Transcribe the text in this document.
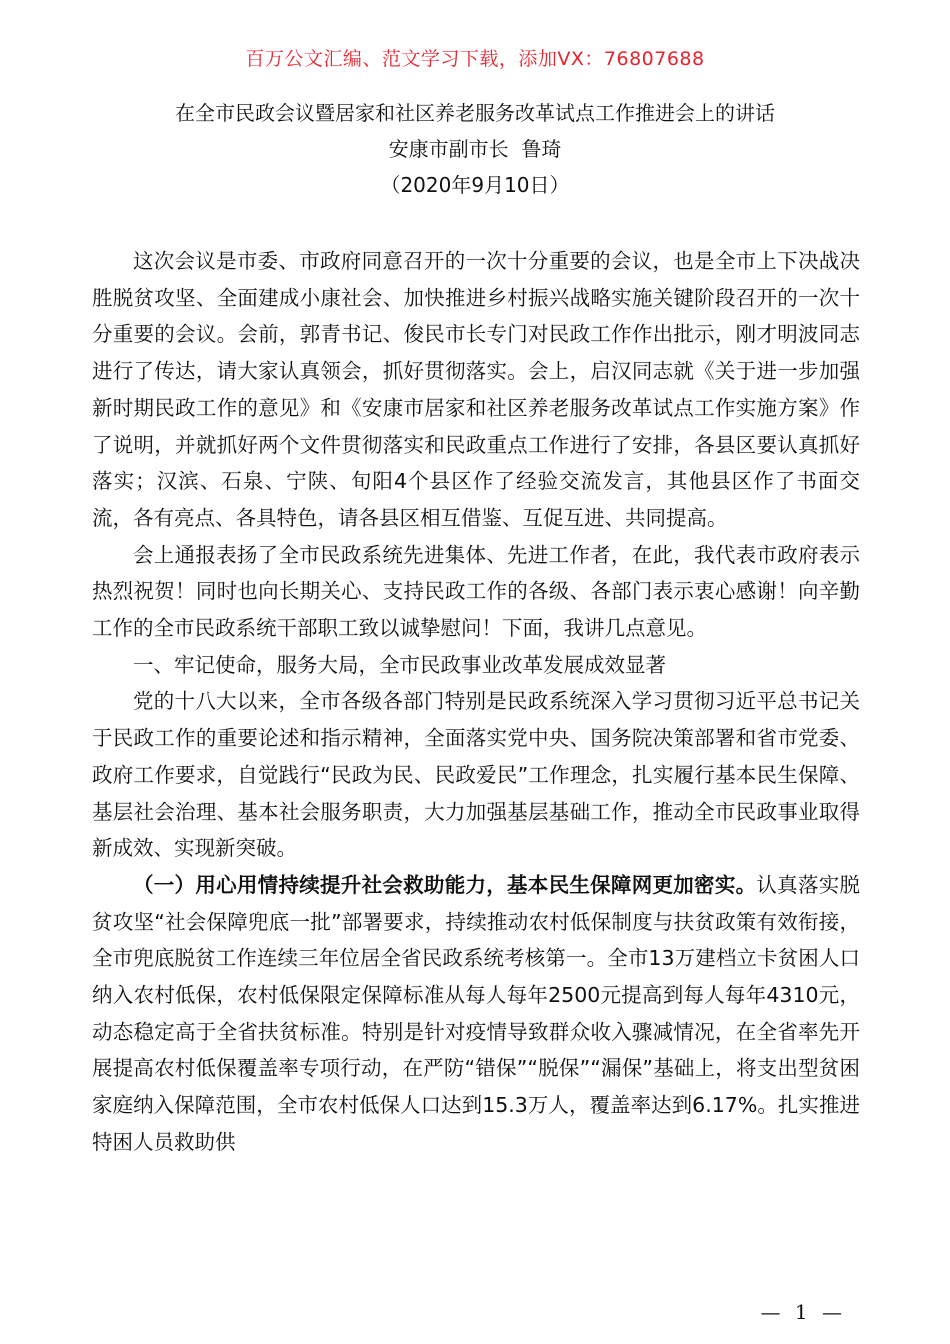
百万公文汇编、范文学习下载，添加VX：76807688
在全市民政会议暨居家和社区养老服务改革试点工作推进会上的讲话
安康市副市长  鲁琦
（2020年9月10日）

这次会议是市委、市政府同意召开的一次十分重要的会议，也是全市上下决战决胜脱贫攻坚、全面建成小康社会、加快推进乡村振兴战略实施关键阶段召开的一次十分重要的会议。会前，郭青书记、俊民市长专门对民政工作作出批示，刚才明波同志进行了传达，请大家认真领会，抓好贯彻落实。会上，启汉同志就《关于进一步加强新时期民政工作的意见》和《安康市居家和社区养老服务改革试点工作实施方案》作了说明，并就抓好两个文件贯彻落实和民政重点工作进行了安排，各县区要认真抓好落实；汉滨、石泉、宁陕、旬阳4个县区作了经验交流发言，其他县区作了书面交流，各有亮点、各具特色，请各县区相互借鉴、互促互进、共同提高。

会上通报表扬了全市民政系统先进集体、先进工作者，在此，我代表市政府表示热烈祝贺！同时也向长期关心、支持民政工作的各级、各部门表示衷心感谢！向辛勤工作的全市民政系统干部职工致以诚挚慰问！下面，我讲几点意见。

一、牢记使命，服务大局，全市民政事业改革发展成效显著

党的十八大以来，全市各级各部门特别是民政系统深入学习贯彻习近平总书记关于民政工作的重要论述和指示精神，全面落实党中央、国务院决策部署和省市党委、政府工作要求，自觉践行“民政为民、民政爱民”工作理念，扎实履行基本民生保障、基层社会治理、基本社会服务职责，大力加强基层基础工作，推动全市民政事业取得新成效、实现新突破。

（一）用心用情持续提升社会救助能力，基本民生保障网更加密实。认真落实脱贫攻坚“社会保障兜底一批”部署要求，持续推动农村低保制度与扶贫政策有效衔接，全市兜底脱贫工作连续三年位居全省民政系统考核第一。全市13万建档立卡贫困人口纳入农村低保，农村低保限定保障标准从每人每年2500元提高到每人每年4310元，动态稳定高于全省扶贫标准。特别是针对疫情导致群众收入骤减情况，在全省率先开展提高农村低保覆盖率专项行动，在严防“错保”“脱保”“漏保”基础上，将支出型贫困家庭纳入保障范围，全市农村低保人口达到15.3万人，覆盖率达到6.17%。扎实推进特困人员救助供

— 1 —
